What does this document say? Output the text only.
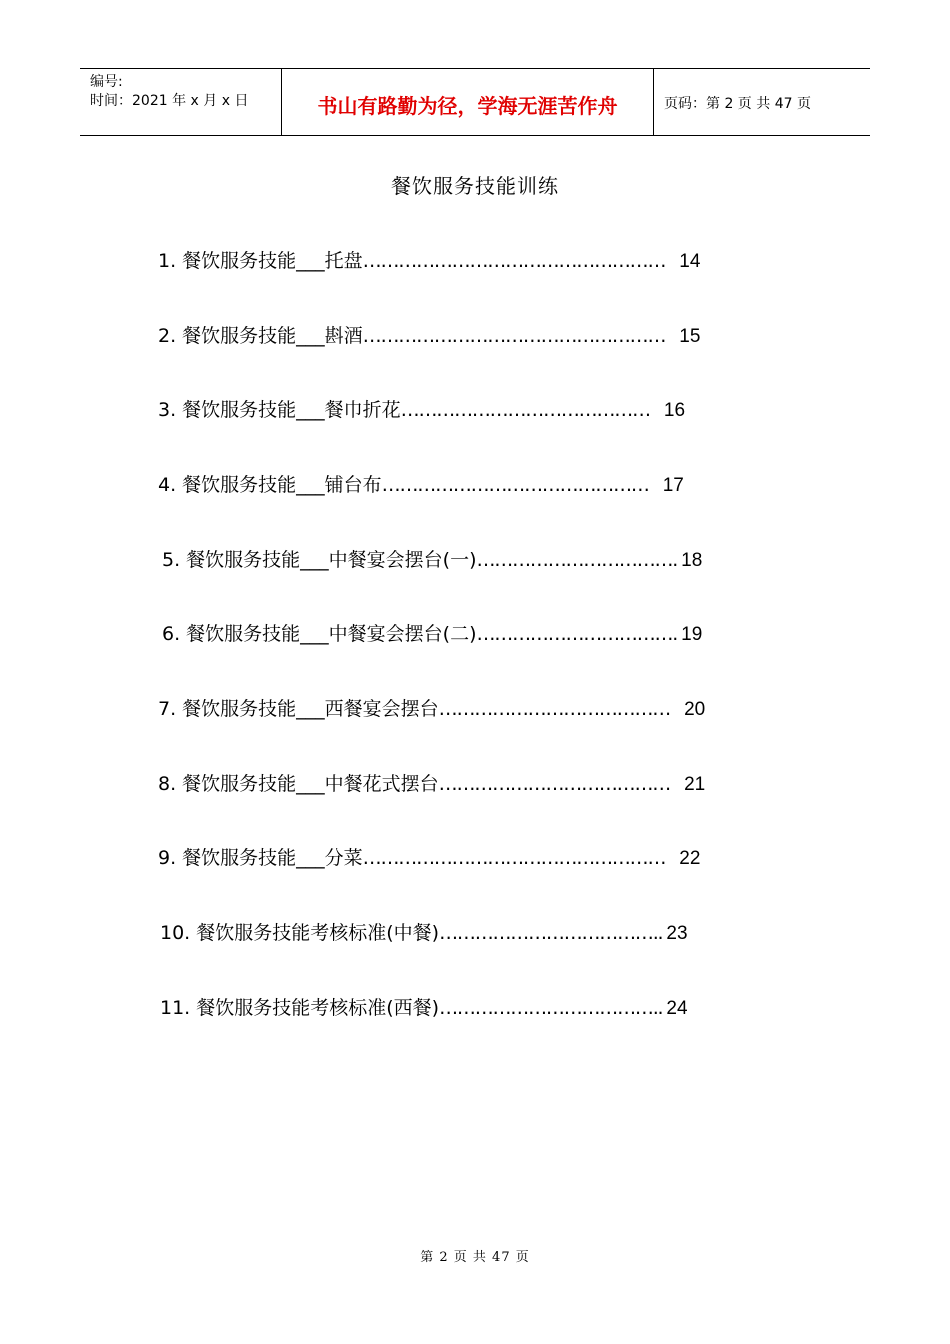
编号:
时间：2021 年 x 月 x 日	书山有路勤为径，学海无涯苦作舟	页码：第 2 页 共 47 页
餐饮服务技能训练
1. 餐饮服务技能___托盘 …………………………………………… 14
2. 餐饮服务技能___斟酒 …………………………………………… 15
3. 餐饮服务技能___餐巾折花 …………………………………… 16
4. 餐饮服务技能___铺台布 ……………………………………… 17
5. 餐饮服务技能___中餐宴会摆台(一) ……………………………. 18
6. 餐饮服务技能___中餐宴会摆台(二) ……………………………. 19
7. 餐饮服务技能___西餐宴会摆台 ………………………………… 20
8. 餐饮服务技能___中餐花式摆台 ………………………………… 21
9. 餐饮服务技能___分菜 …………………………………………… 22
10. 餐饮服务技能考核标准(中餐) ……………………………….. 23
11. 餐饮服务技能考核标准(西餐) ……………………………….. 24
第 2 页 共 47 页
